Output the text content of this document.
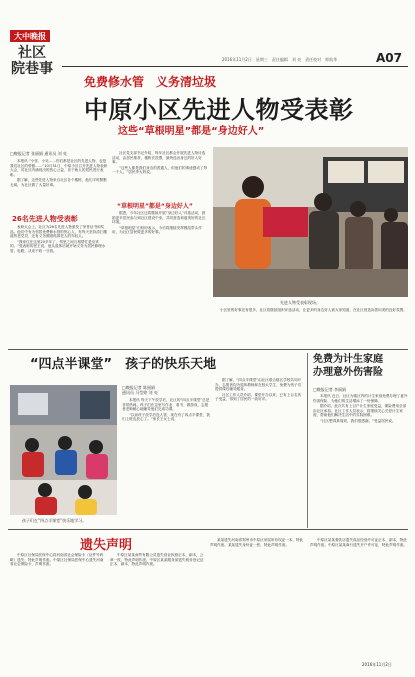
大中晚报
社区
院巷事
2016年11月2日　星期三　责任编辑　刘 亮　责任校对　师航华	A07
免费修水管　义务清垃圾
中原小区先进人物受表彰
这些“草根明星”都是“身边好人”
□晚报记者 张丽娟 通讯员 刘 亮

本报讯 “小张、小吴……你们都是社区的先进人物，也是我们社区的骄傲……”10月31日，中原小区召开先进人物表彰大会，对社区内涌现出的热心公益、乐于助人的居民进行表彰。

据了解，这些先进人物来自社区各个楼栋，他们平时默默无闻，为社区做了大量好事。

26名先进人物受表彰

表彰大会上，社区为26名先进人物颁发了荣誉证书和奖品。他们中有为邻居免费修水管的热心人，有每天坚持清扫楼道的老党员，还有义务照顾孤寡老人的年轻人。

“我家住在这里20多年了，邻里之间互相帮忙是应该的。”受表彰的老王说，他从退休后就开始义务为居民修理水管、电路，从来不收一分钱。

社区党支部书记介绍，每年社区都会开展先进人物评选活动，由居民推荐、楼栋长投票，最终选出身边的好人好事。

“这些人都是我们身边的普通人，但他们的事迹感动了每一个人。”居民李大妈说。

“草根明星”都是“身边好人”

据悉，今年社区还将继续开展“身边好人”评选活动，鼓励更多居民参与到社区建设中来，共同营造和谐美好的社区环境。

“草根明星”们纷纷表示，今后将继续发挥模范带头作用，为社区居民做更多的好事。

先进人物受表彰现场。

小区里的好事还有很多，社区将继续组织评选活动，让更多的身边好人被大家知道，在社区营造向善向美的良好氛围。

“四点半课堂”　孩子的快乐天地
孩子们在“四点半课堂”快乐地学习。
□晚报记者 陈丽娟
通讯员 马莹婷 刘 亮

本报讯 每天下午放学后，社区的“四点半课堂”总是非常热闹。孩子们在这里写作业、看书、做游戏，志愿者老师耐心地辅导他们完成功课。

“以前孩子放学后没人管，现在有了四点半课堂，我们上班也放心了。”家长王女士说。

据了解，“四点半课堂”由社区联合辖区学校共同开办，志愿者均为退休教师和在校大学生，免费为孩子们提供课后辅导服务。

社区工作人员介绍，课堂开办以来，已有上百名孩子受益，得到了居民的一致好评。

免费为计生家庭
办理意外伤害险
□晚报记者 李丽娟

本报讯 近日，社区为辖区内的计生家庭免费办理了意外伤害保险，为他们的生活增添了一份保障。

据介绍，此次共有上百户计生家庭受益，保险费用全部由社区承担。社区工作人员表示，将继续关心关爱计生家庭，帮助他们解决生活中的实际困难。

“社区想得真周到，我们很感谢。”受益居民说。

遗失声明

中原区社保局医保中心将河南省社会保险卡（证件号码略）遗失，特此声明作废。中原区社保局医保中心遗失河南省社会保险卡，声明作废。

中原区某某商贸有限公司遗失营业执照正本、副本，公章一枚，特此声明作废。中原区某某服务部遗失税务登记证正本、副本，特此声明作废。

某某遗失河南省郑州市中原区房屋所有权证一本，特此声明作废。某某遗失身份证一张，特此声明作废。

中原区某某餐饮店遗失食品经营许可证正本、副本，特此声明作废。中原区某某商行遗失开户许可证，特此声明作废。

2016年11月2日
